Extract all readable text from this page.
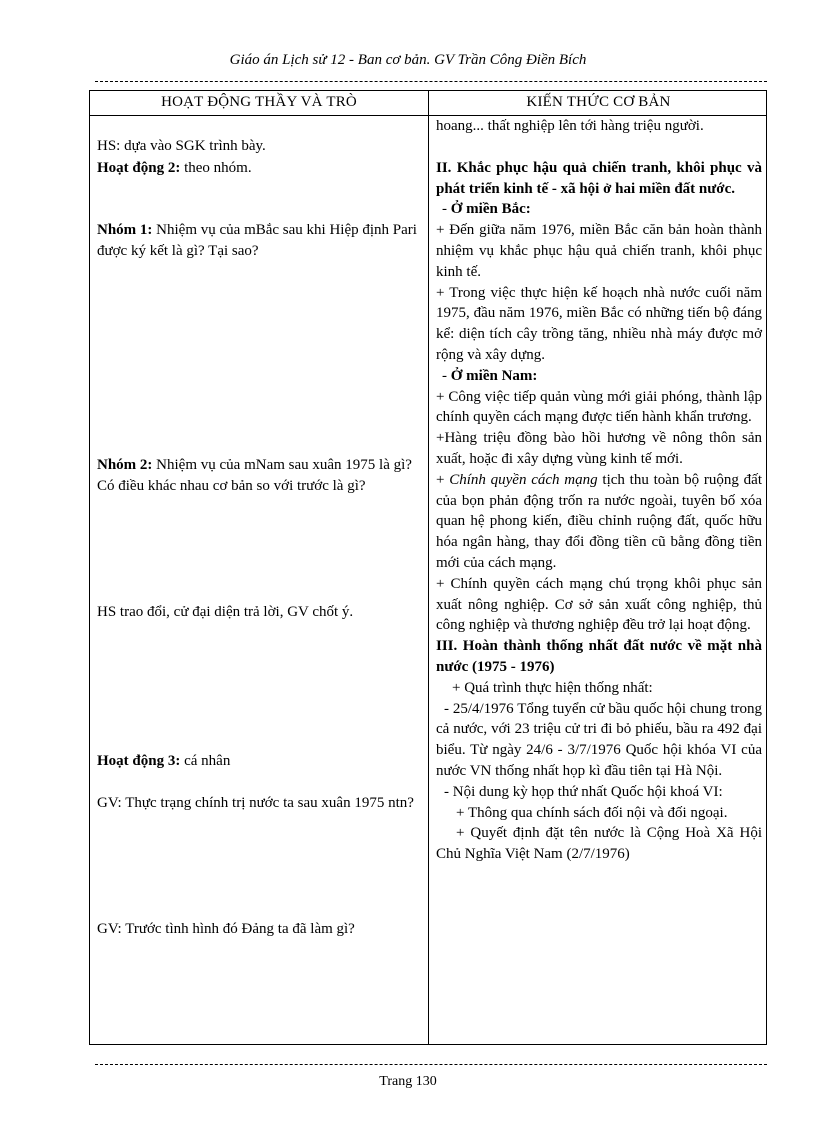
Giáo án Lịch sử 12 - Ban cơ bản. GV Trần Công Điền Bích
HOẠT ĐỘNG THẦY VÀ TRÒ	KIẾN THỨC CƠ BẢN
HS: dựa vào SGK trình bày.
Hoạt động 2: theo nhóm.
Nhóm 1: Nhiệm vụ của mBắc sau khi Hiệp định Pari được ký kết là gì? Tại sao?
Nhóm 2: Nhiệm vụ của mNam sau xuân 1975 là gì? Có điều khác nhau cơ bản so với trước là gì?
HS trao đổi, cử đại diện trả lời, GV chốt ý.
Hoạt động 3: cá nhân
GV: Thực trạng chính trị nước ta sau xuân 1975 ntn?
GV: Trước tình hình đó Đảng ta đã làm gì?
hoang... thất nghiệp lên tới hàng triệu người.
II. Khắc phục hậu quả chiến tranh, khôi phục và phát triển kinh tế - xã hội ở hai miền đất nước.
- Ở miền Bắc:
+ Đến giữa năm 1976, miền Bắc căn bản hoàn thành nhiệm vụ khắc phục hậu quả chiến tranh, khôi phục kinh tế.
+ Trong việc thực hiện kế hoạch nhà nước cuối năm 1975, đầu năm 1976, miền Bắc có những tiến bộ đáng kể: diện tích cây trồng tăng, nhiều nhà máy được mở rộng và xây dựng.
- Ở miền Nam:
+ Công việc tiếp quản vùng mới giải phóng, thành lập chính quyền cách mạng được tiến hành khẩn trương.
+Hàng triệu đồng bào hồi hương về nông thôn sản xuất, hoặc đi xây dựng vùng kinh tế mới.
+ Chính quyền cách mạng tịch thu toàn bộ ruộng đất của bọn phản động trốn ra nước ngoài, tuyên bố xóa quan hệ phong kiến, điều chỉnh ruộng đất, quốc hữu hóa ngân hàng, thay đổi đồng tiền cũ bằng đồng tiền mới của cách mạng.
+ Chính quyền cách mạng chú trọng khôi phục sản xuất nông nghiệp. Cơ sở sản xuất công nghiệp, thủ công nghiệp và thương nghiệp đều trở lại hoạt động.
III. Hoàn thành thống nhất đất nước về mặt nhà nước (1975 - 1976)
+ Quá trình thực hiện thống nhất:
- 25/4/1976 Tổng tuyển cử bầu quốc hội chung trong cả nước, với 23 triệu cử tri đi bỏ phiếu, bầu ra 492 đại biểu. Từ ngày 24/6 - 3/7/1976 Quốc hội khóa VI của nước VN thống nhất họp kì đầu tiên tại Hà Nội.
- Nội dung kỳ họp thứ nhất Quốc hội khoá VI:
+ Thông qua chính sách đối nội và đối ngoại.
+ Quyết định đặt tên nước là Cộng Hoà Xã Hội Chủ Nghĩa Việt Nam (2/7/1976)
Trang 130
